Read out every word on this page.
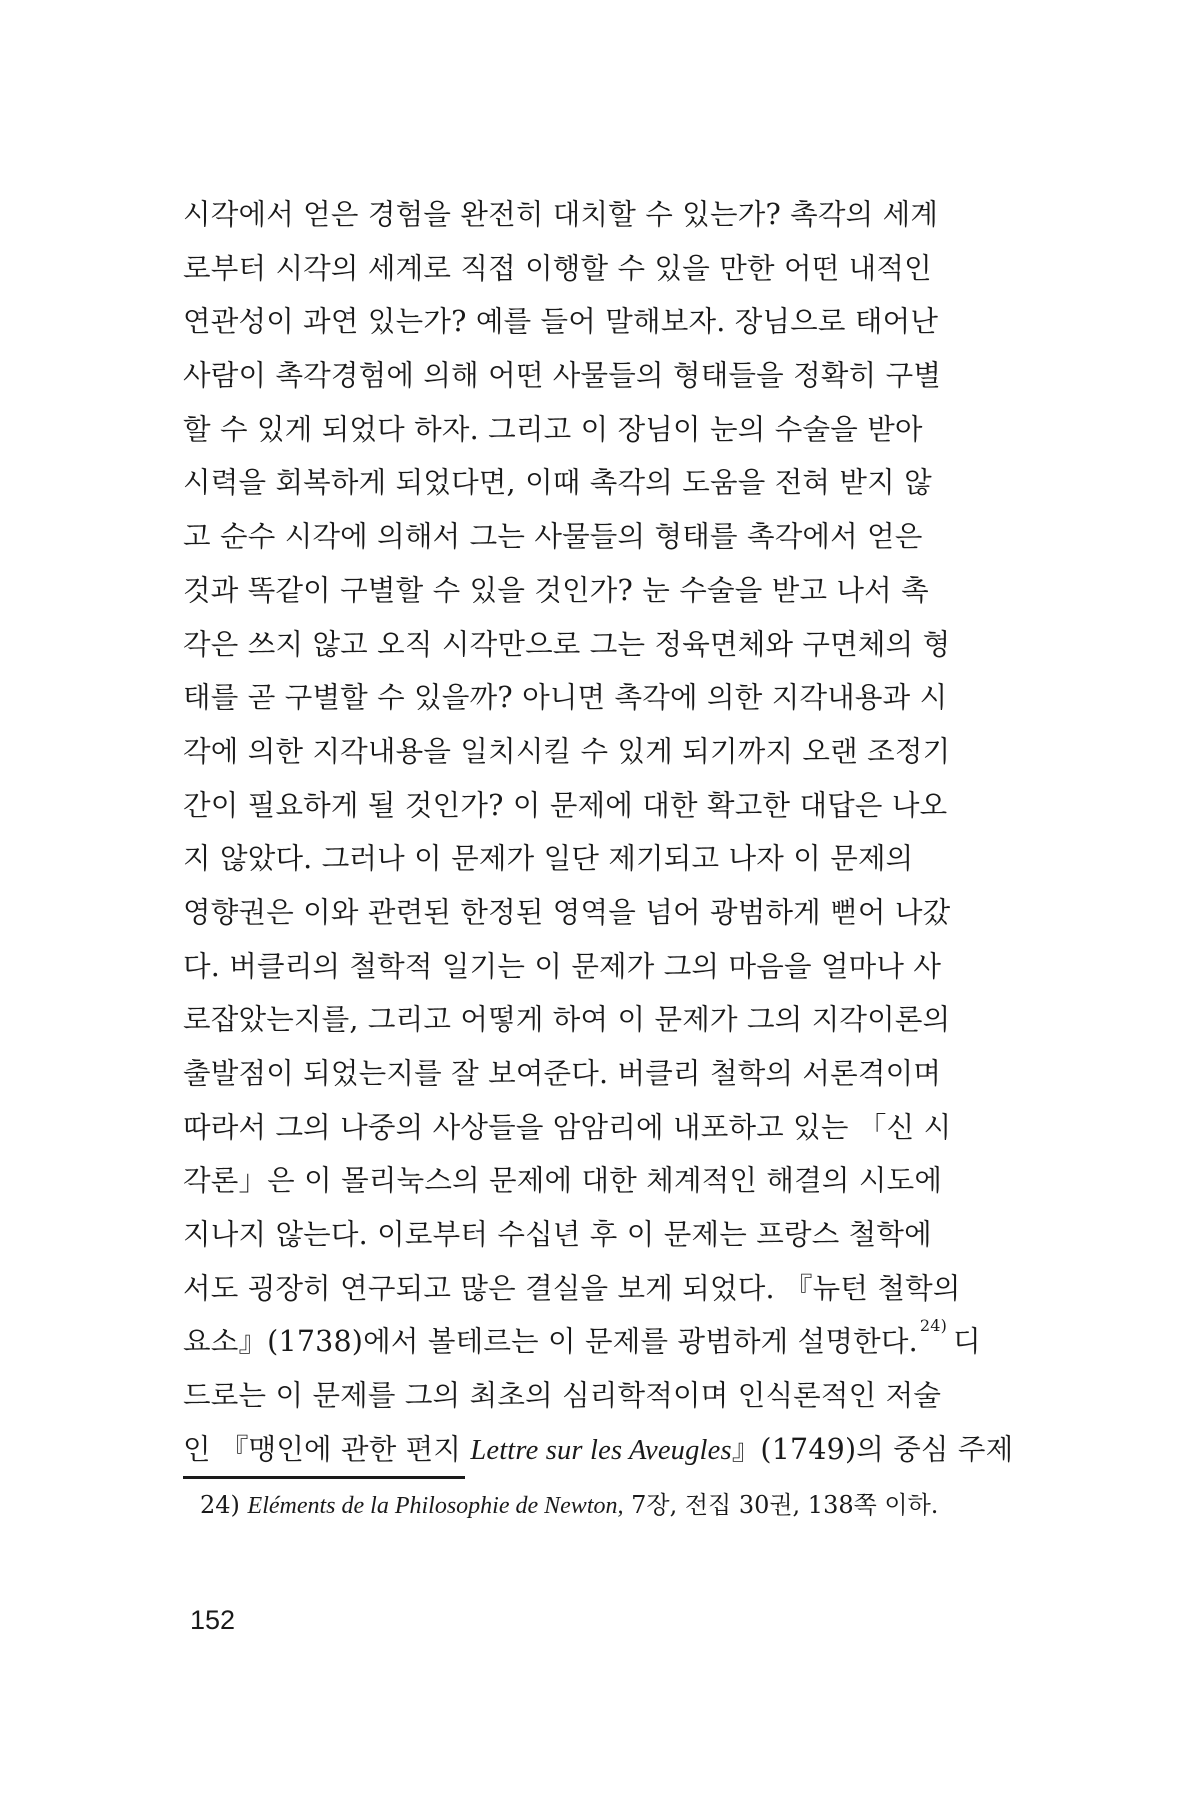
시각에서 얻은 경험을 완전히 대치할 수 있는가? 촉각의 세계
로부터 시각의 세계로 직접 이행할 수 있을 만한 어떤 내적인
연관성이 과연 있는가? 예를 들어 말해보자. 장님으로 태어난
사람이 촉각경험에 의해 어떤 사물들의 형태들을 정확히 구별
할 수 있게 되었다 하자. 그리고 이 장님이 눈의 수술을 받아
시력을 회복하게 되었다면, 이때 촉각의 도움을 전혀 받지 않
고 순수 시각에 의해서 그는 사물들의 형태를 촉각에서 얻은
것과 똑같이 구별할 수 있을 것인가? 눈 수술을 받고 나서 촉
각은 쓰지 않고 오직 시각만으로 그는 정육면체와 구면체의 형
태를 곧 구별할 수 있을까? 아니면 촉각에 의한 지각내용과 시
각에 의한 지각내용을 일치시킬 수 있게 되기까지 오랜 조정기
간이 필요하게 될 것인가? 이 문제에 대한 확고한 대답은 나오
지 않았다. 그러나 이 문제가 일단 제기되고 나자 이 문제의
영향권은 이와 관련된 한정된 영역을 넘어 광범하게 뻗어 나갔
다. 버클리의 철학적 일기는 이 문제가 그의 마음을 얼마나 사
로잡았는지를, 그리고 어떻게 하여 이 문제가 그의 지각이론의
출발점이 되었는지를 잘 보여준다. 버클리 철학의 서론격이며
따라서 그의 나중의 사상들을 암암리에 내포하고 있는 「신 시
각론」은 이 몰리눅스의 문제에 대한 체계적인 해결의 시도에
지나지 않는다. 이로부터 수십년 후 이 문제는 프랑스 철학에
서도 굉장히 연구되고 많은 결실을 보게 되었다. 『뉴턴 철학의
요소』(1738)에서 볼테르는 이 문제를 광범하게 설명한다. $^{24)}$ 디
드로는 이 문제를 그의 최초의 심리학적이며 인식론적인 저술
인 『맹인에 관한 편지 Lettre sur les Aveugles』(1749)의 중심 주제
24) Eléments de la Philosophie de Newton, 7장, 전집 30권, 138쪽 이하.
152
